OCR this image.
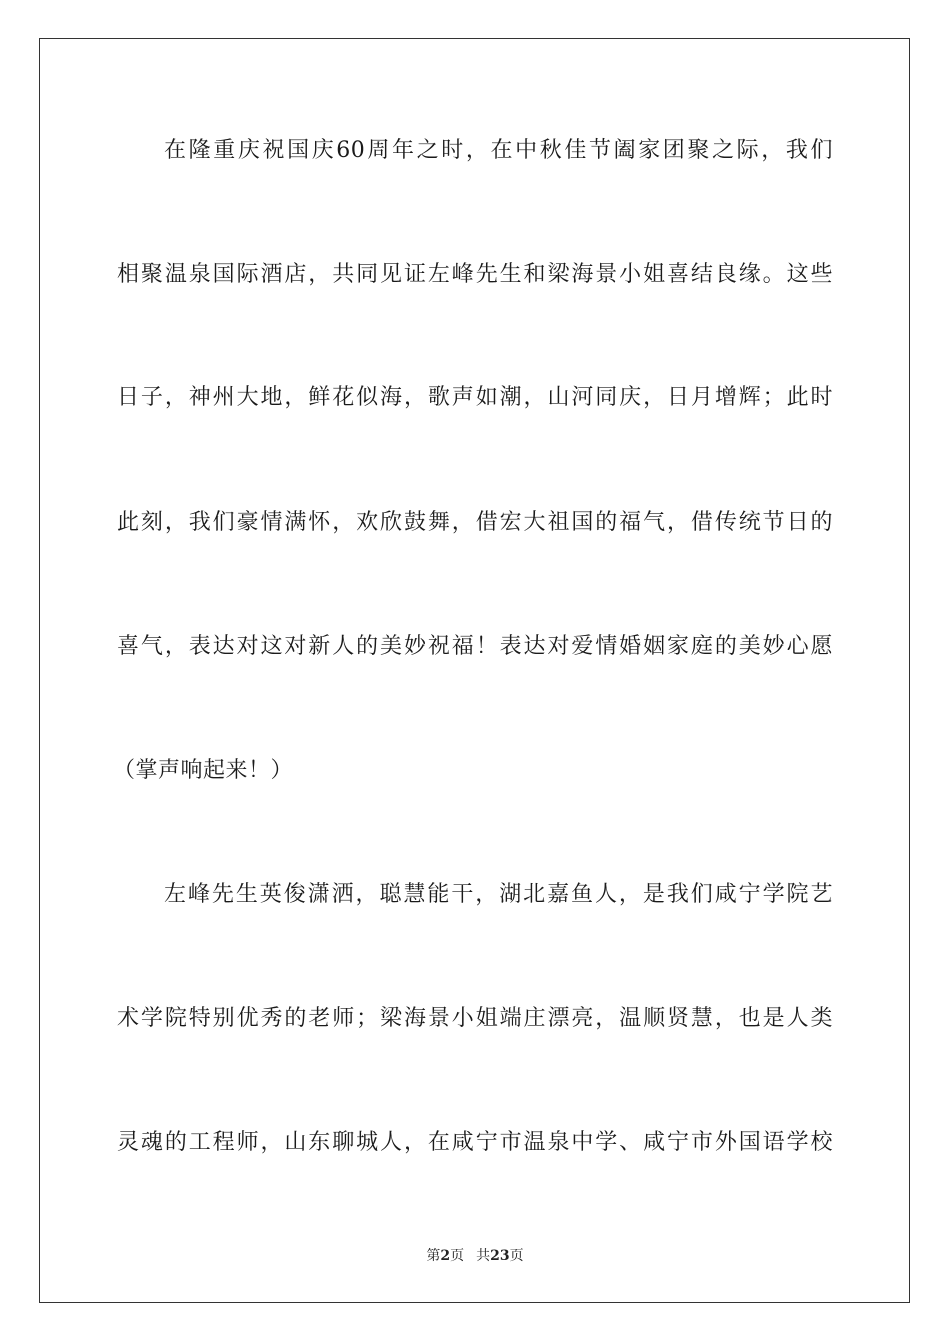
在隆重庆祝国庆60周年之时，在中秋佳节阖家团聚之际，我们
相聚温泉国际酒店，共同见证左峰先生和梁海景小姐喜结良缘。这些
日子，神州大地，鲜花似海，歌声如潮，山河同庆，日月增辉；此时
此刻，我们豪情满怀，欢欣鼓舞，借宏大祖国的福气，借传统节日的
喜气，表达对这对新人的美妙祝福！表达对爱情婚姻家庭的美妙心愿
（掌声响起来！）
左峰先生英俊潇洒，聪慧能干，湖北嘉鱼人，是我们咸宁学院艺
术学院特别优秀的老师；梁海景小姐端庄漂亮，温顺贤慧，也是人类
灵魂的工程师，山东聊城人，在咸宁市温泉中学、咸宁市外国语学校
第2页 共23页
